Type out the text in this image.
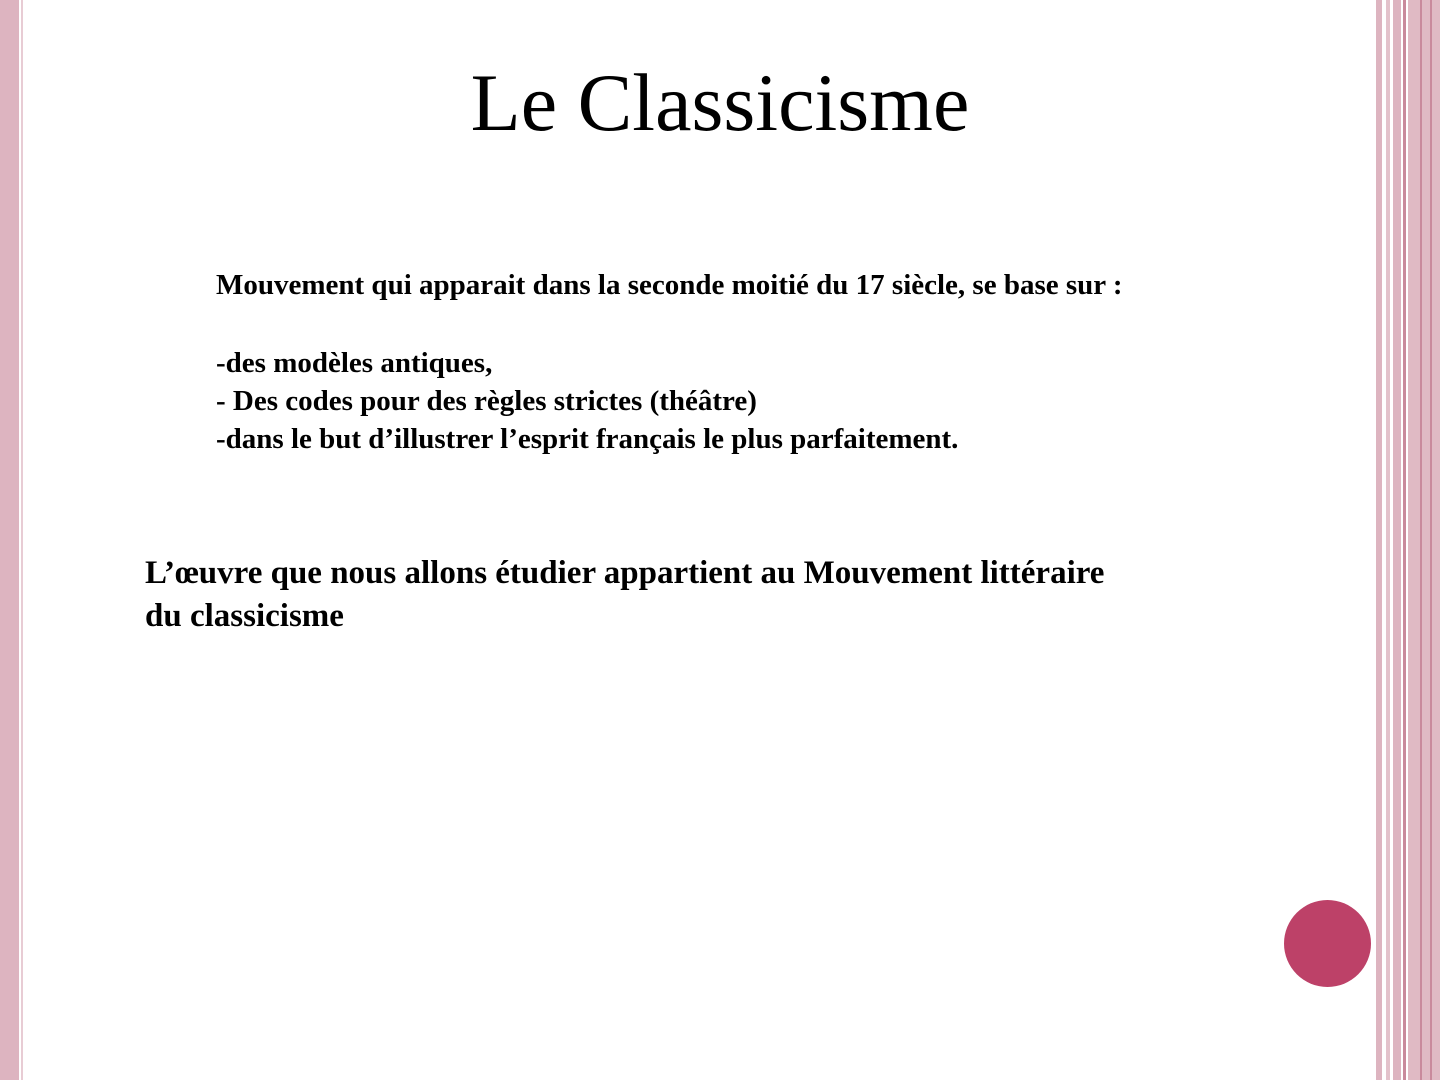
Le Classicisme

Mouvement qui apparait dans la seconde moitié du 17 siècle, se base sur :

-des modèles antiques,
- Des codes pour des règles strictes (théâtre)
-dans le but d’illustrer l’esprit français le plus parfaitement.
L’œuvre que nous allons étudier appartient au Mouvement littéraire
du classicisme
